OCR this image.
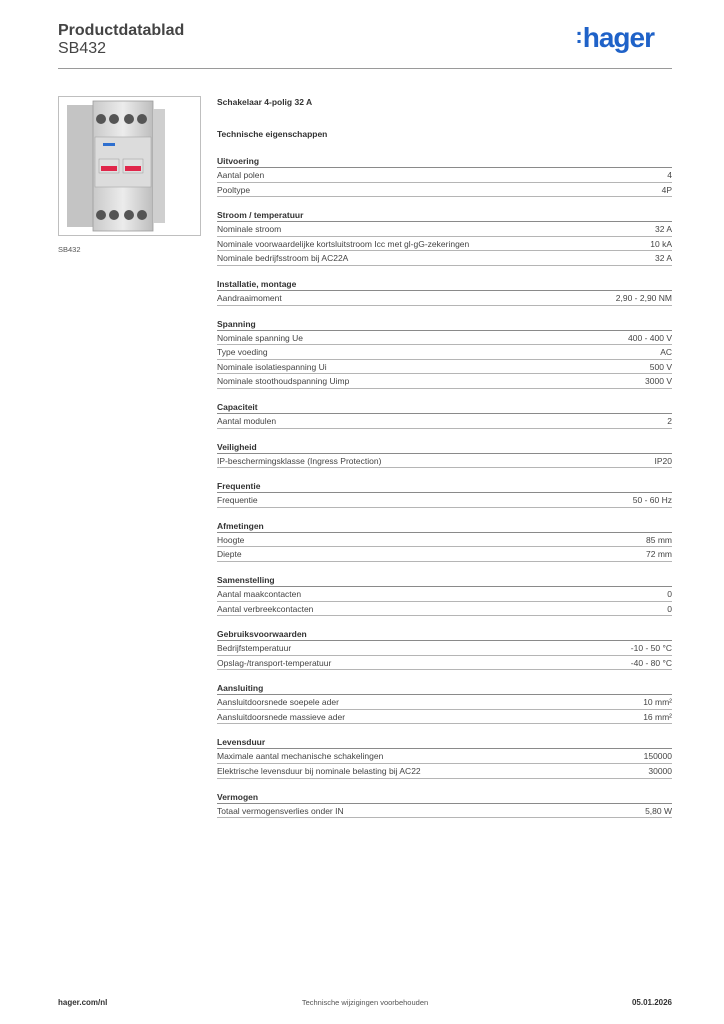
Productdatablad
SB432
:hager
SB432
Schakelaar 4-polig 32 A
Technische eigenschappen
Uitvoering
Aantal polen	4
Pooltype	4P
Stroom / temperatuur
Nominale stroom	32 A
Nominale voorwaardelijke kortsluitstroom Icc met gl-gG-zekeringen	10 kA
Nominale bedrijfsstroom bij AC22A	32 A
Installatie, montage
Aandraaimoment	2,90 - 2,90 NM
Spanning
Nominale spanning Ue	400 - 400 V
Type voeding	AC
Nominale isolatiespanning Ui	500 V
Nominale stoothoudspanning Uimp	3000 V
Capaciteit
Aantal modulen	2
Veiligheid
IP-beschermingsklasse (Ingress Protection)	IP20
Frequentie
Frequentie	50 - 60 Hz
Afmetingen
Hoogte	85 mm
Diepte	72 mm
Samenstelling
Aantal maakcontacten	0
Aantal verbreekcontacten	0
Gebruiksvoorwaarden
Bedrijfstemperatuur	-10 - 50 °C
Opslag-/transport-temperatuur	-40 - 80 °C
Aansluiting
Aansluitdoorsnede soepele ader	10 mm²
Aansluitdoorsnede massieve ader	16 mm²
Levensduur
Maximale aantal mechanische schakelingen	150000
Elektrische levensduur bij nominale belasting bij AC22	30000
Vermogen
Totaal vermogensverlies onder IN	5,80 W
Technische wijzigingen voorbehouden
hager.com/nl	05.01.2026
